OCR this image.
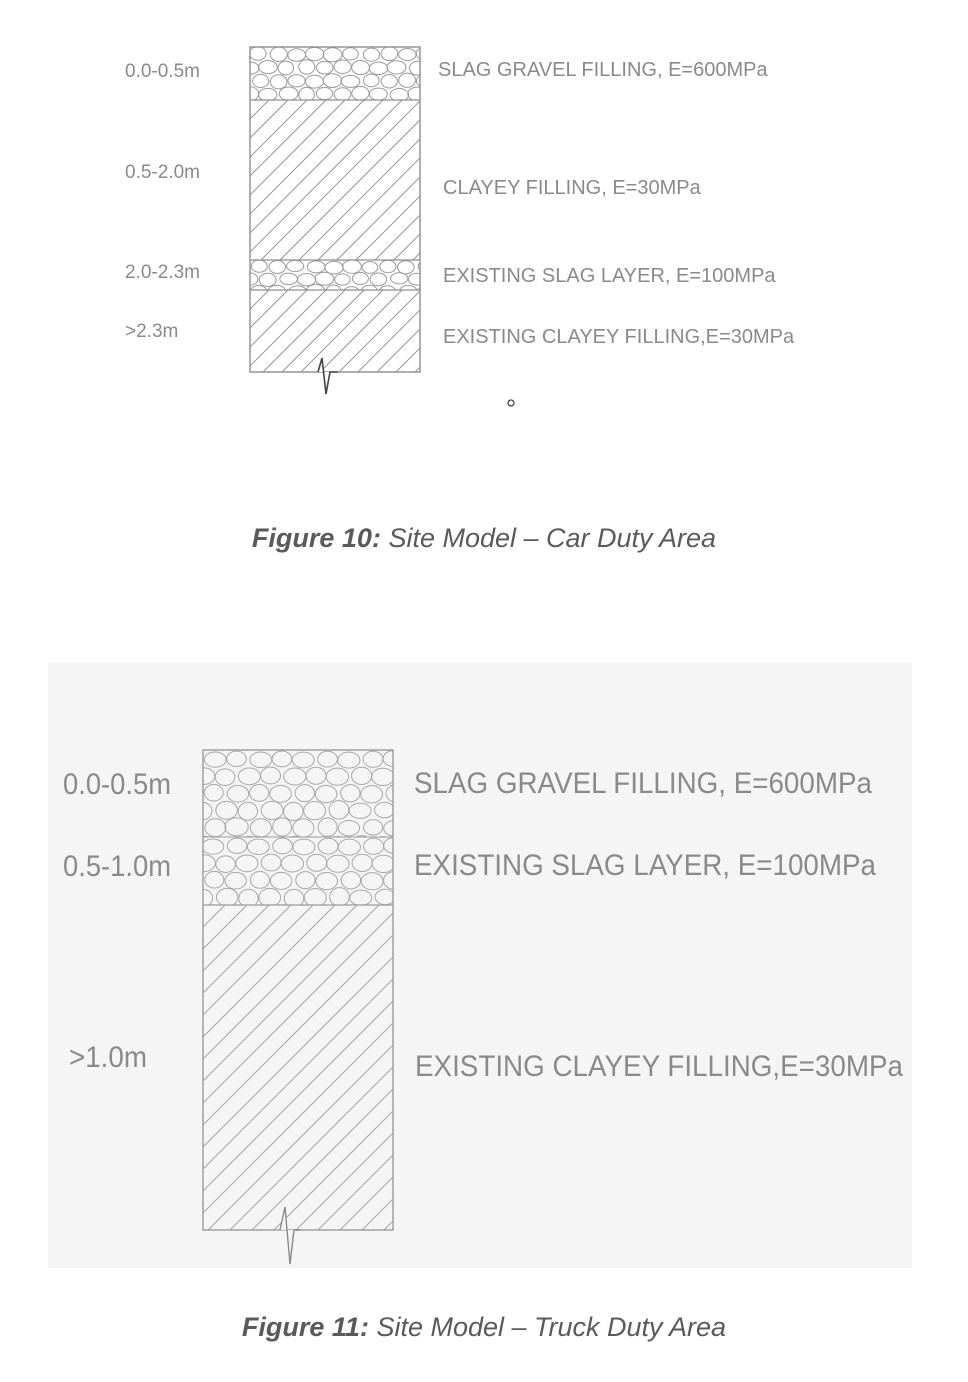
0.0-0.5m
0.5-2.0m
2.0-2.3m
>2.3m
SLAG GRAVEL FILLING, E=600MPa
CLAYEY FILLING, E=30MPa
EXISTING SLAG LAYER, E=100MPa
EXISTING CLAYEY FILLING,E=30MPa
Figure 10: Site Model – Car Duty Area
0.0-0.5m
0.5-1.0m
>1.0m
SLAG GRAVEL FILLING, E=600MPa
EXISTING SLAG LAYER, E=100MPa
EXISTING CLAYEY FILLING,E=30MPa
Figure 11: Site Model – Truck Duty Area
